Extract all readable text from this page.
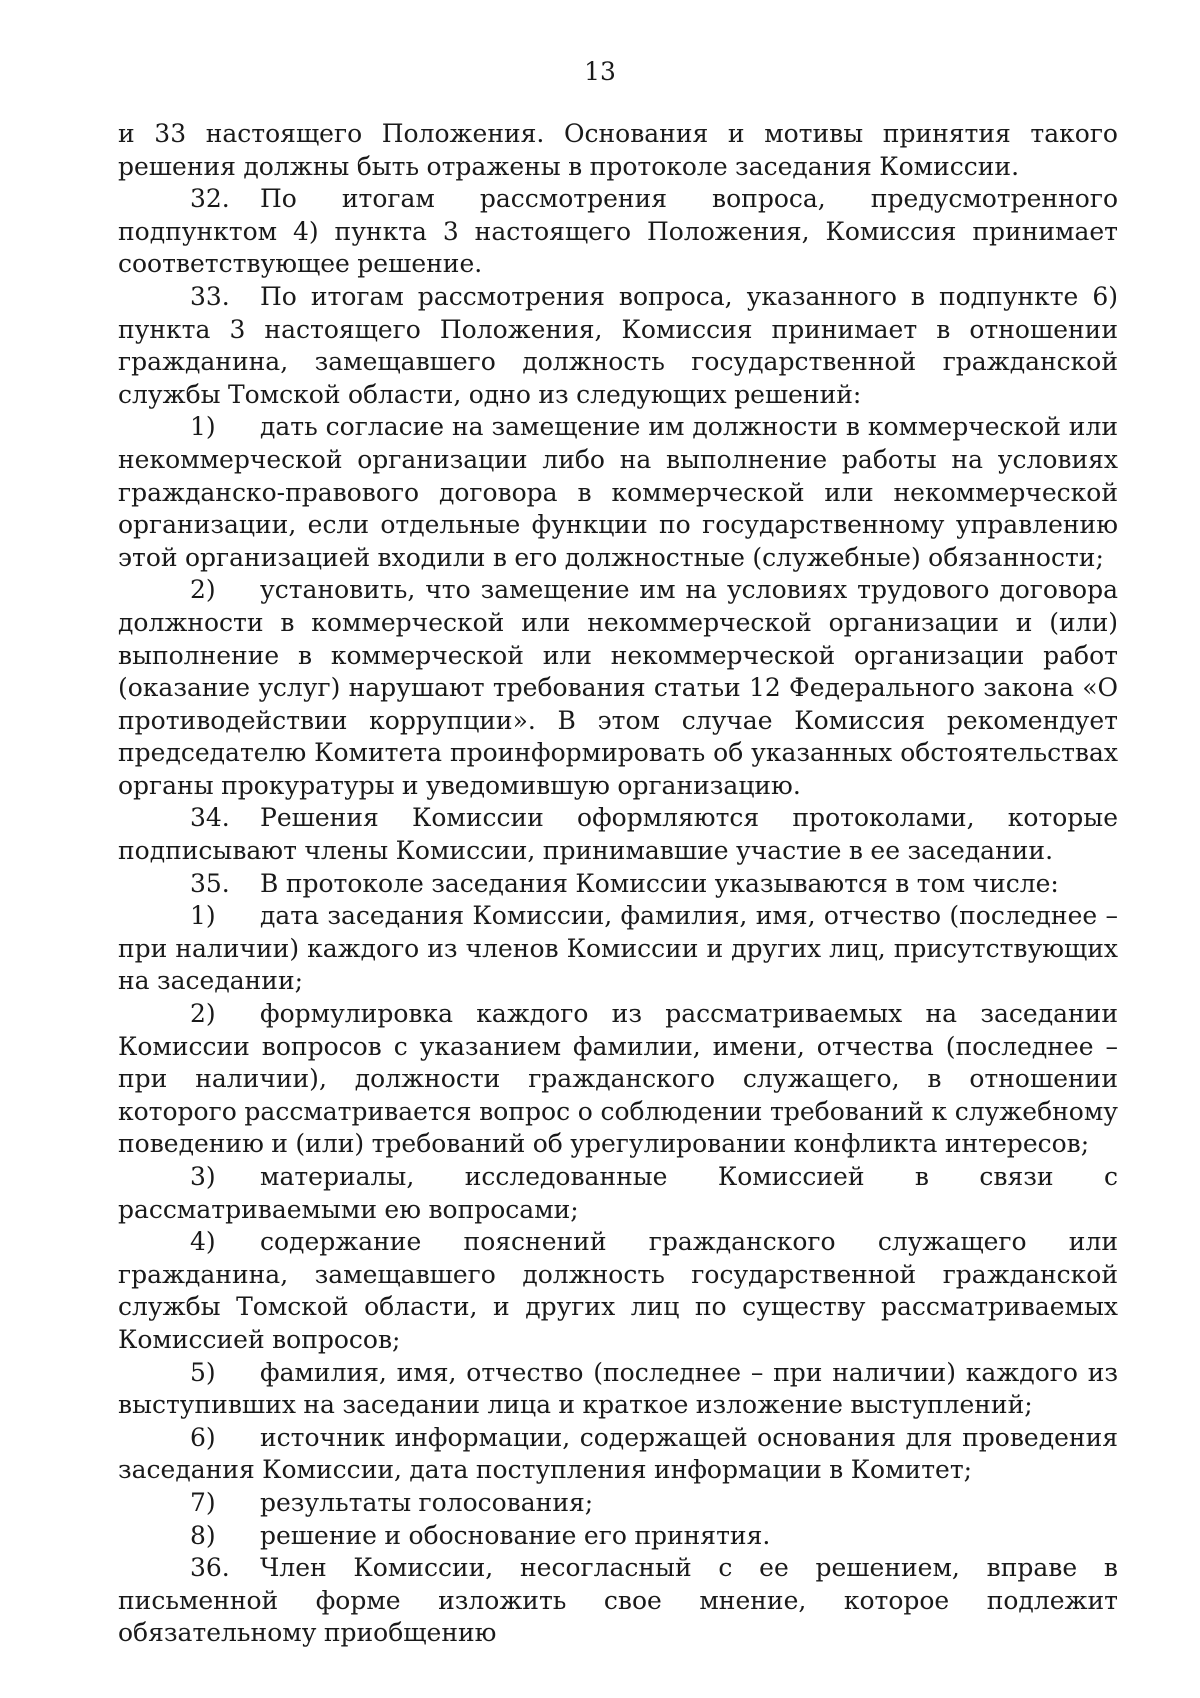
13

и 33 настоящего Положения. Основания и мотивы принятия такого решения должны быть отражены в протоколе заседания Комиссии.

32. По итогам рассмотрения вопроса, предусмотренного подпунктом 4) пункта 3 настоящего Положения, Комиссия принимает соответствующее решение.

33. По итогам рассмотрения вопроса, указанного в подпункте 6) пункта 3 настоящего Положения, Комиссия принимает в отношении гражданина, замещавшего должность государственной гражданской службы Томской области, одно из следующих решений:

1) дать согласие на замещение им должности в коммерческой или некоммерческой организации либо на выполнение работы на условиях гражданско-правового договора в коммерческой или некоммерческой организации, если отдельные функции по государственному управлению этой организацией входили в его должностные (служебные) обязанности;

2) установить, что замещение им на условиях трудового договора должности в коммерческой или некоммерческой организации и (или) выполнение в коммерческой или некоммерческой организации работ (оказание услуг) нарушают требования статьи 12 Федерального закона «О противодействии коррупции». В этом случае Комиссия рекомендует председателю Комитета проинформировать об указанных обстоятельствах органы прокуратуры и уведомившую организацию.

34. Решения Комиссии оформляются протоколами, которые подписывают члены Комиссии, принимавшие участие в ее заседании.

35. В протоколе заседания Комиссии указываются в том числе:

1) дата заседания Комиссии, фамилия, имя, отчество (последнее – при наличии) каждого из членов Комиссии и других лиц, присутствующих на заседании;

2) формулировка каждого из рассматриваемых на заседании Комиссии вопросов с указанием фамилии, имени, отчества (последнее – при наличии), должности гражданского служащего, в отношении которого рассматривается вопрос о соблюдении требований к служебному поведению и (или) требований об урегулировании конфликта интересов;

3) материалы, исследованные Комиссией в связи с рассматриваемыми ею вопросами;

4) содержание пояснений гражданского служащего или гражданина, замещавшего должность государственной гражданской службы Томской области, и других лиц по существу рассматриваемых Комиссией вопросов;

5) фамилия, имя, отчество (последнее – при наличии) каждого из выступивших на заседании лица и краткое изложение выступлений;

6) источник информации, содержащей основания для проведения заседания Комиссии, дата поступления информации в Комитет;

7) результаты голосования;

8) решение и обоснование его принятия.

36. Член Комиссии, несогласный с ее решением, вправе в письменной форме изложить свое мнение, которое подлежит обязательному приобщению
